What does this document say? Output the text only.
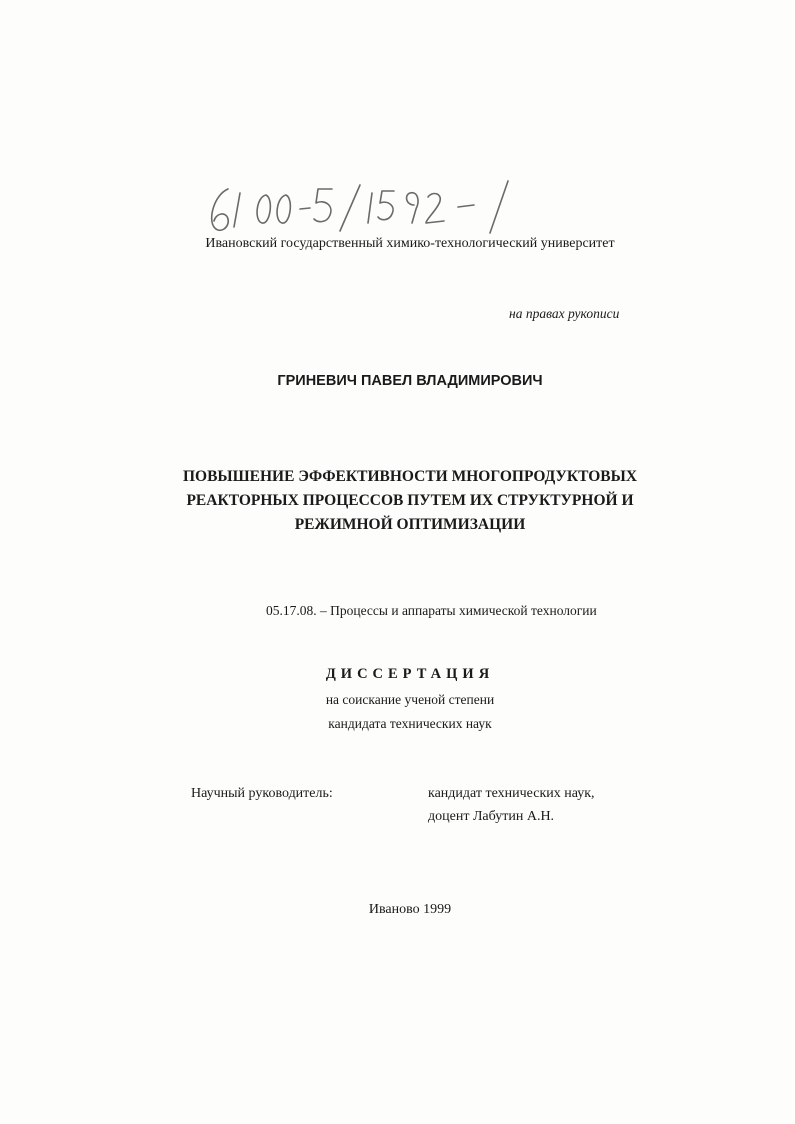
Ивановский государственный химико-технологический университет
на правах рукописи
ГРИНЕВИЧ ПАВЕЛ ВЛАДИМИРОВИЧ
ПОВЫШЕНИЕ ЭФФЕКТИВНОСТИ МНОГОПРОДУКТОВЫХ
РЕАКТОРНЫХ ПРОЦЕССОВ ПУТЕМ ИХ СТРУКТУРНОЙ И
РЕЖИМНОЙ ОПТИМИЗАЦИИ
05.17.08. – Процессы и аппараты химической технологии
ДИССЕРТАЦИЯ
на соискание ученой степени
кандидата технических наук
Научный руководитель:	кандидат технических наук,
доцент Лабутин А.Н.
Иваново 1999
